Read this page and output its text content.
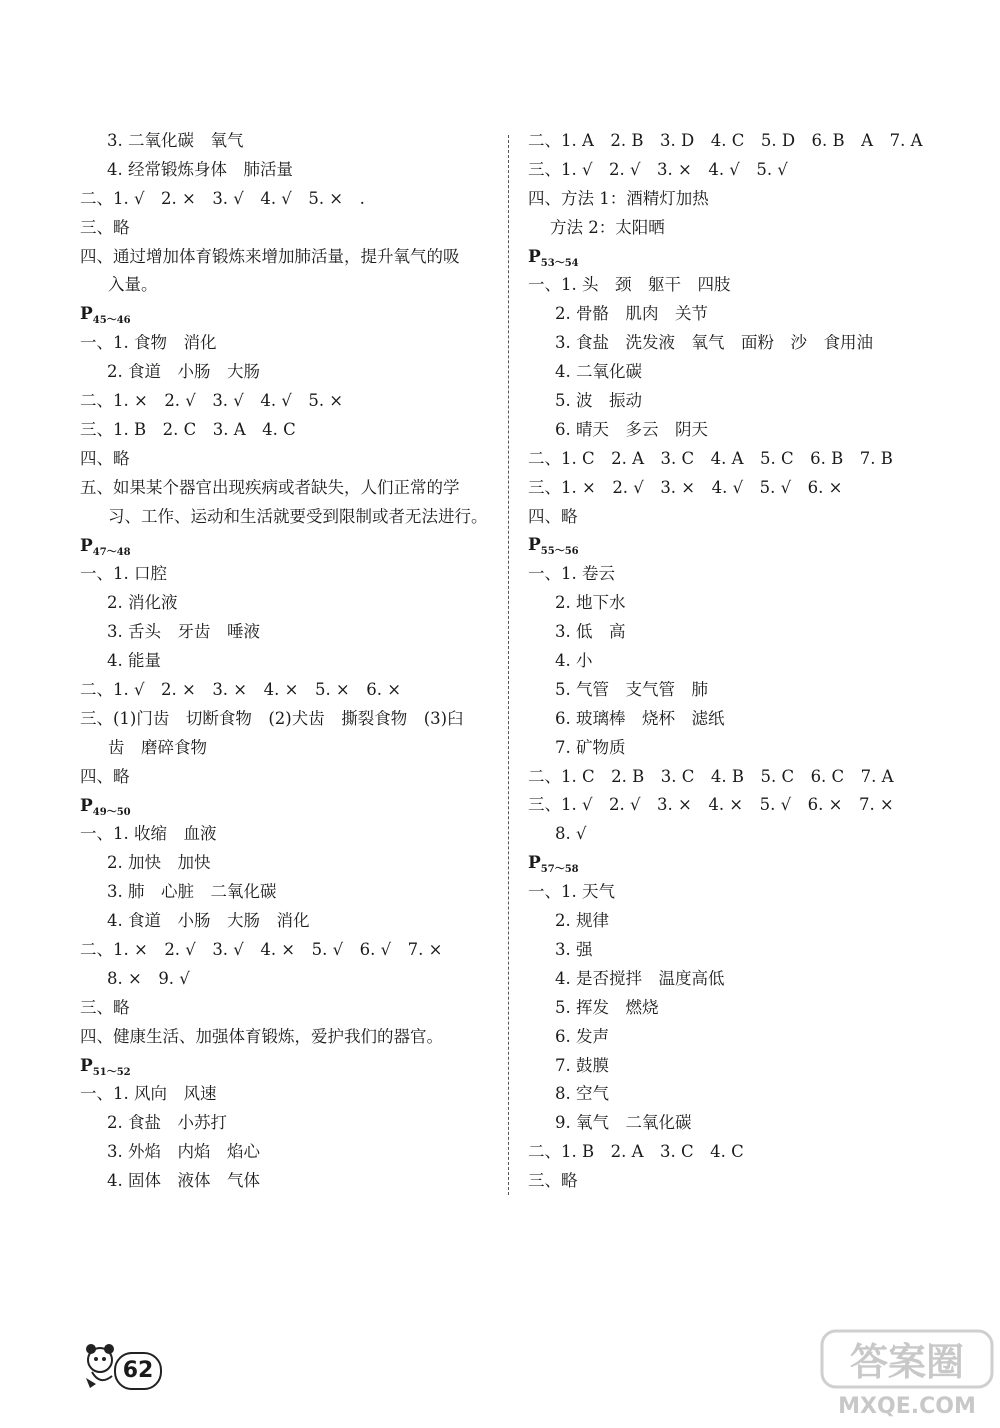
3. 二氧化碳　氧气
4. 经常锻炼身体　肺活量
二、1. √　2. ×　3. √　4. √　5. ×　.
三、略
四、通过增加体育锻炼来增加肺活量，提升氧气的吸
入量。
$P_{45\sim 46}$
一、1. 食物　消化
2. 食道　小肠　大肠
二、1. ×　2. √　3. √　4. √　5. ×
三、1. B　2. C　3. A　4. C
四、略
五、如果某个器官出现疾病或者缺失，人们正常的学
习、工作、运动和生活就要受到限制或者无法进行。
$P_{47\sim 48}$
一、1. 口腔
2. 消化液
3. 舌头　牙齿　唾液
4. 能量
二、1. √　2. ×　3. ×　4. ×　5. ×　6. ×
三、(1)门齿　切断食物　(2)犬齿　撕裂食物　(3)臼
齿　磨碎食物
四、略
$P_{49\sim 50}$
一、1. 收缩　血液
2. 加快　加快
3. 肺　心脏　二氧化碳
4. 食道　小肠　大肠　消化
二、1. ×　2. √　3. √　4. ×　5. √　6. √　7. ×
8. ×　9. √
三、略
四、健康生活、加强体育锻炼，爱护我们的器官。
$P_{51\sim 52}$
一、1. 风向　风速
2. 食盐　小苏打
3. 外焰　内焰　焰心
4. 固体　液体　气体
二、1. A　2. B　3. D　4. C　5. D　6. B　A　7. A
三、1. √　2. √　3. ×　4. √　5. √
四、方法 1：酒精灯加热
方法 2：太阳晒
$P_{53\sim 54}$
一、1. 头　颈　躯干　四肢
2. 骨骼　肌肉　关节
3. 食盐　洗发液　氧气　面粉　沙　食用油
4. 二氧化碳
5. 波　振动
6. 晴天　多云　阴天
二、1. C　2. A　3. C　4. A　5. C　6. B　7. B
三、1. ×　2. √　3. ×　4. √　5. √　6. ×
四、略
$P_{55\sim 56}$
一、1. 卷云
2. 地下水
3. 低　高
4. 小
5. 气管　支气管　肺
6. 玻璃棒　烧杯　滤纸
7. 矿物质
二、1. C　2. B　3. C　4. B　5. C　6. C　7. A
三、1. √　2. √　3. ×　4. ×　5. √　6. ×　7. ×
8. √
$P_{57\sim 58}$
一、1. 天气
2. 规律
3. 强
4. 是否搅拌　温度高低
5. 挥发　燃烧
6. 发声
7. 鼓膜
8. 空气
9. 氧气　二氧化碳
二、1. B　2. A　3. C　4. C
三、略
62	答案圈
MXQE.COM
